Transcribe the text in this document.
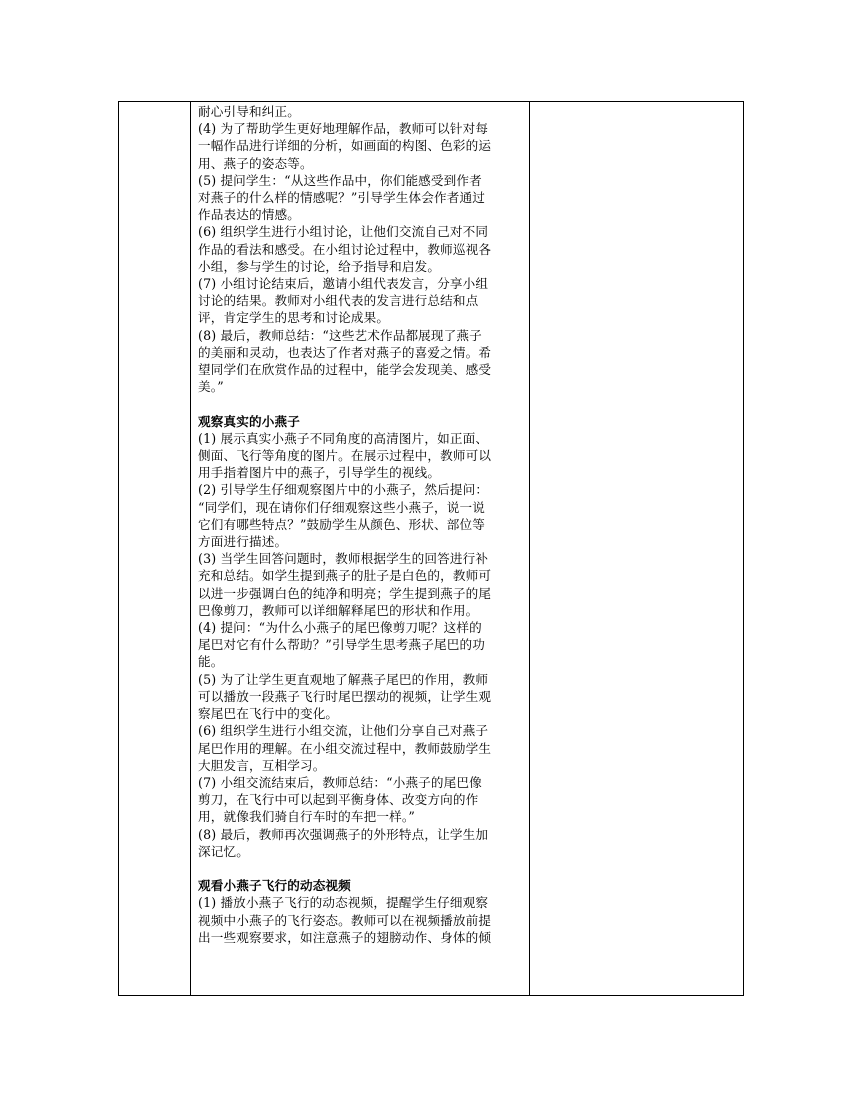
耐心引导和纠正。
(4) 为了帮助学生更好地理解作品，教师可以针对每
一幅作品进行详细的分析，如画面的构图、色彩的运
用、燕子的姿态等。
(5) 提问学生：“从这些作品中，你们能感受到作者
对燕子的什么样的情感呢？”引导学生体会作者通过
作品表达的情感。
(6) 组织学生进行小组讨论，让他们交流自己对不同
作品的看法和感受。在小组讨论过程中，教师巡视各
小组，参与学生的讨论，给予指导和启发。
(7) 小组讨论结束后，邀请小组代表发言，分享小组
讨论的结果。教师对小组代表的发言进行总结和点
评，肯定学生的思考和讨论成果。
(8) 最后，教师总结：“这些艺术作品都展现了燕子
的美丽和灵动，也表达了作者对燕子的喜爱之情。希
望同学们在欣赏作品的过程中，能学会发现美、感受
美。”
观察真实的小燕子
(1) 展示真实小燕子不同角度的高清图片，如正面、
侧面、飞行等角度的图片。在展示过程中，教师可以
用手指着图片中的燕子，引导学生的视线。
(2) 引导学生仔细观察图片中的小燕子，然后提问：
“同学们，现在请你们仔细观察这些小燕子，说一说
它们有哪些特点？”鼓励学生从颜色、形状、部位等
方面进行描述。
(3) 当学生回答问题时，教师根据学生的回答进行补
充和总结。如学生提到燕子的肚子是白色的，教师可
以进一步强调白色的纯净和明亮；学生提到燕子的尾
巴像剪刀，教师可以详细解释尾巴的形状和作用。
(4) 提问：“为什么小燕子的尾巴像剪刀呢？这样的
尾巴对它有什么帮助？”引导学生思考燕子尾巴的功
能。
(5) 为了让学生更直观地了解燕子尾巴的作用，教师
可以播放一段燕子飞行时尾巴摆动的视频，让学生观
察尾巴在飞行中的变化。
(6) 组织学生进行小组交流，让他们分享自己对燕子
尾巴作用的理解。在小组交流过程中，教师鼓励学生
大胆发言，互相学习。
(7) 小组交流结束后，教师总结：“小燕子的尾巴像
剪刀，在飞行中可以起到平衡身体、改变方向的作
用，就像我们骑自行车时的车把一样。”
(8) 最后，教师再次强调燕子的外形特点，让学生加
深记忆。
观看小燕子飞行的动态视频
(1) 播放小燕子飞行的动态视频，提醒学生仔细观察
视频中小燕子的飞行姿态。教师可以在视频播放前提
出一些观察要求，如注意燕子的翅膀动作、身体的倾
